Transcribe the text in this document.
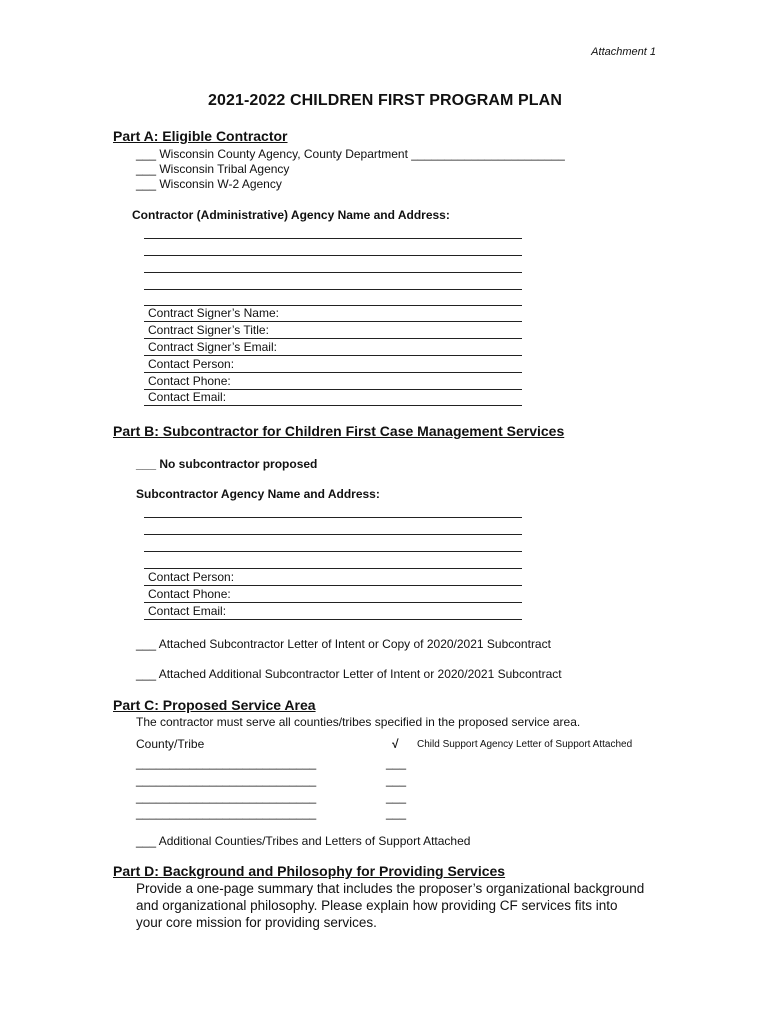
Attachment 1
2021-2022 CHILDREN FIRST PROGRAM PLAN
Part A: Eligible Contractor
___ Wisconsin County Agency, County Department _______________________
___ Wisconsin Tribal Agency
___ Wisconsin W-2 Agency
Contractor (Administrative) Agency Name and Address:
Contract Signer’s Name:
Contract Signer’s Title:
Contract Signer’s Email:
Contact Person:
Contact Phone:
Contact Email:
Part B: Subcontractor for Children First Case Management Services
___ No subcontractor proposed
Subcontractor Agency Name and Address:
Contact Person:
Contact Phone:
Contact Email:
___ Attached Subcontractor Letter of Intent or Copy of 2020/2021 Subcontract
___ Attached Additional Subcontractor Letter of Intent or 2020/2021 Subcontract
Part C: Proposed Service Area
The contractor must serve all counties/tribes specified in the proposed service area.
County/Tribe	√ Child Support Agency Letter of Support Attached
___________________________	___
___________________________	___
___________________________	___
___________________________	___
___ Additional Counties/Tribes and Letters of Support Attached
Part D: Background and Philosophy for Providing Services
Provide a one-page summary that includes the proposer’s organizational background
and organizational philosophy. Please explain how providing CF services fits into
your core mission for providing services.
